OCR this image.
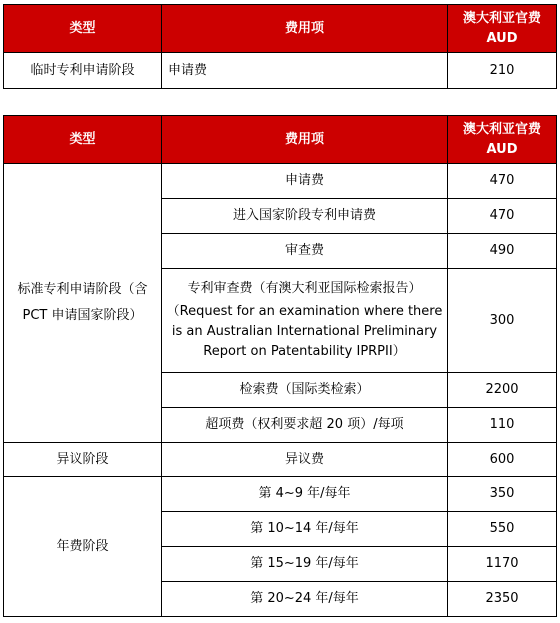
类型	费用项	澳大利亚官费
AUD

临时专利申请阶段	申请费	210
类型	费用项	澳大利亚官费
AUD

标准专利申请阶段（含PCT 申请国家阶段）	申请费	470
	进入国家阶段专利申请费	470
	审查费	490

	专利审查费（有澳大利亚国际检索报告）
（Request for an examination where there is an Australian International Preliminary Report on Patentability IPRPII）	300
	检索费（国际类检索）	2200
	超项费（权利要求超 20 项）/每项	110
异议阶段	异议费	600
年费阶段	第 4~9 年/每年	350
	第 10~14 年/每年	550
	第 15~19 年/每年	1170
	第 20~24 年/每年	2350
